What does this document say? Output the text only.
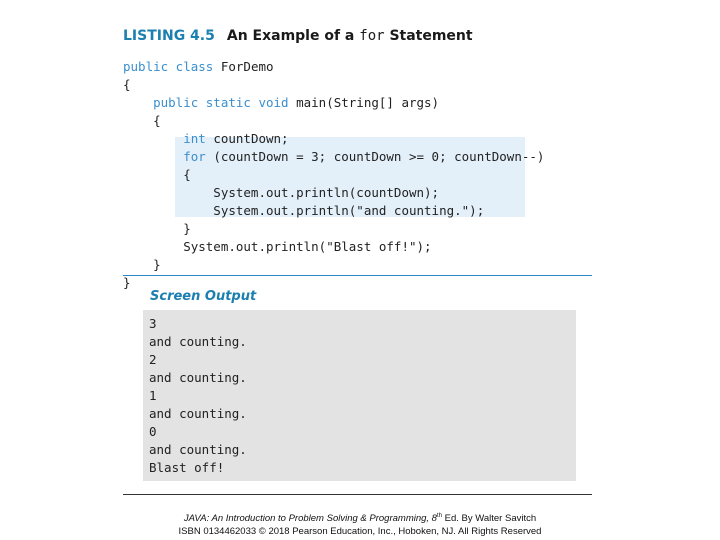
LISTING 4.5 An Example of a for Statement
public class ForDemo
{
public static void main(String[] args)
{
int countDown;
for (countDown = 3; countDown >= 0; countDown--)
{
System.out.println(countDown);
System.out.println("and counting.");
}
System.out.println("Blast off!");
}
}
Screen Output
3
and counting.
2
and counting.
1
and counting.
0
and counting.
Blast off!
JAVA: An Introduction to Problem Solving & Programming, 8th Ed. By Walter Savitch
ISBN 0134462033 © 2018 Pearson Education, Inc., Hoboken, NJ. All Rights Reserved
